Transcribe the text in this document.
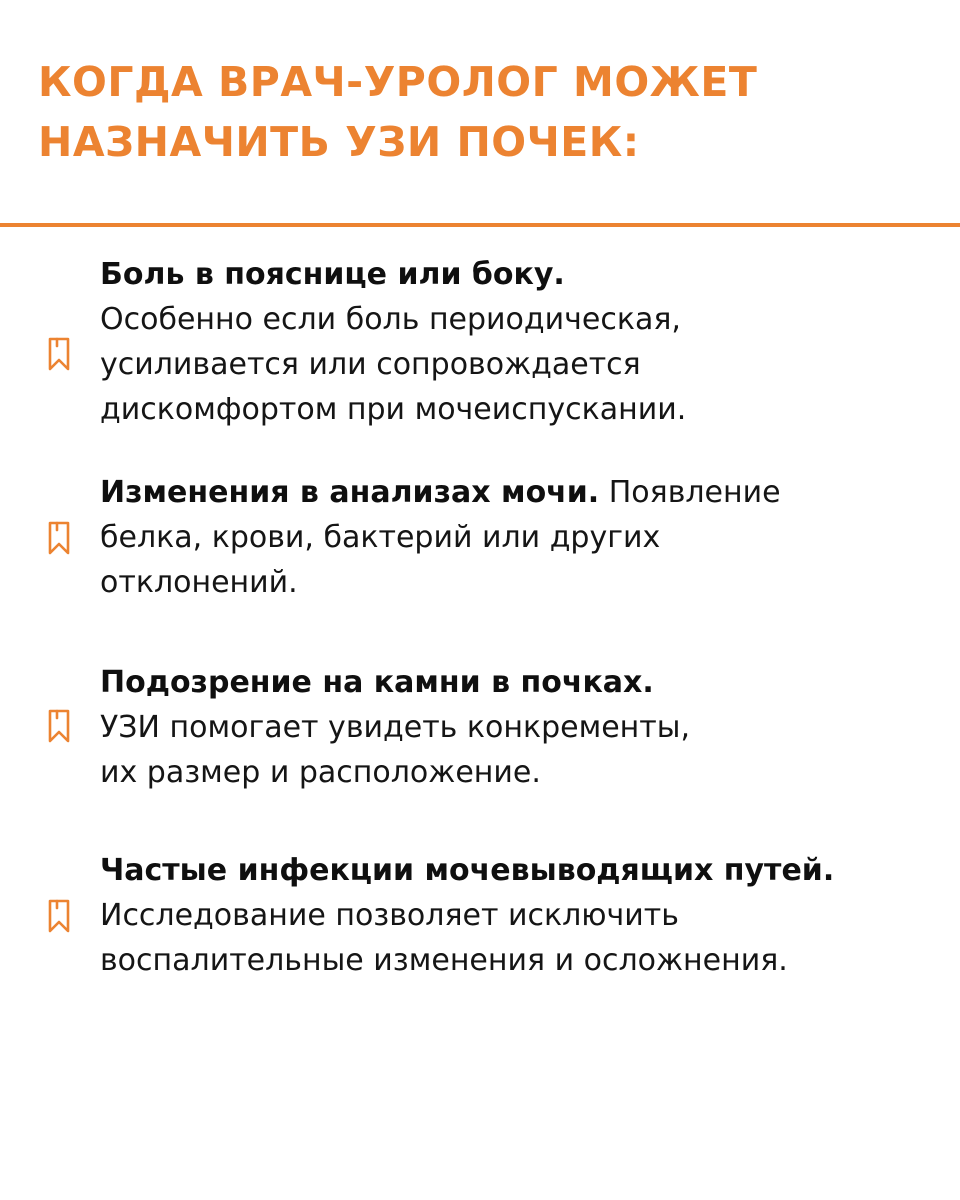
КОГДА ВРАЧ-УРОЛОГ МОЖЕТ
НАЗНАЧИТЬ УЗИ ПОЧЕК:
Боль в пояснице или боку.
Особенно если боль периодическая,
усиливается или сопровождается
дискомфортом при мочеиспускании.
Изменения в анализах мочи. Появление
белка, крови, бактерий или других
отклонений.
Подозрение на камни в почках.
УЗИ помогает увидеть конкременты,
их размер и расположение.
Частые инфекции мочевыводящих путей.
Исследование позволяет исключить
воспалительные изменения и осложнения.
